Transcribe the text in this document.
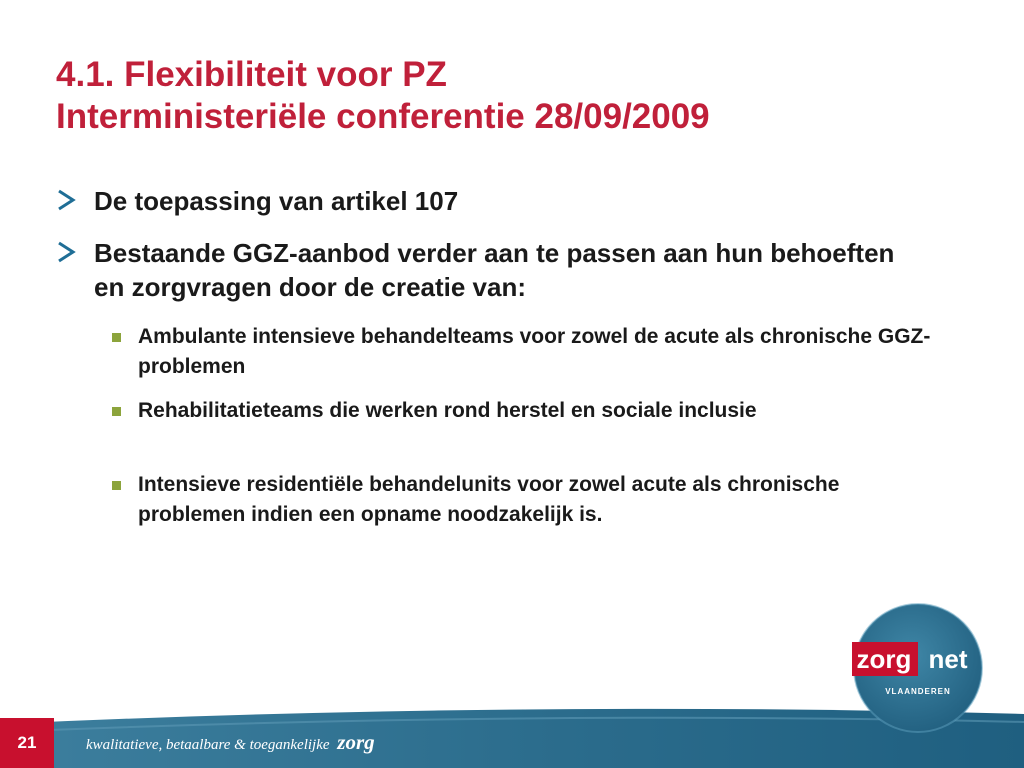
4.1. Flexibiliteit voor PZ
Interministeriële conferentie 28/09/2009
De toepassing van artikel 107
Bestaande GGZ-aanbod verder aan te passen aan hun behoeften en zorgvragen door de creatie van:
Ambulante intensieve behandelteams voor zowel de acute als chronische GGZ-problemen
Rehabilitatieteams die werken rond herstel en sociale inclusie
Intensieve residentiële behandelunits voor zowel acute als chronische problemen indien een opname noodzakelijk is.
21	kwalitatieve, betaalbare & toegankelijke zorg
zorg net
VLAANDEREN
